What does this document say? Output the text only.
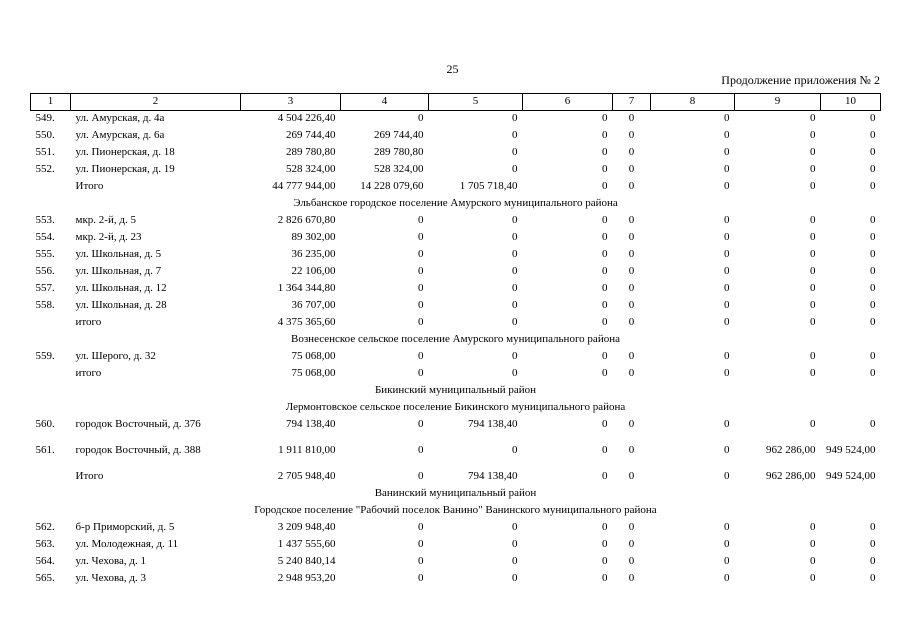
25
Продолжение приложения № 2
1	2	3	4	5	6	7	8	9	10
549.	ул. Амурская, д. 4а	4 504 226,40	0	0	0	0	0	0	0
550.	ул. Амурская, д. 6а	269 744,40	269 744,40	0	0	0	0	0	0
551.	ул. Пионерская, д. 18	289 780,80	289 780,80	0	0	0	0	0	0
552.	ул. Пионерская, д. 19	528 324,00	528 324,00	0	0	0	0	0	0
	Итого	44 777 944,00	14 228 079,60	1 705 718,40	0	0	0	0	0
Эльбанское городское поселение Амурского муниципального района									
553.	мкр. 2-й, д. 5	2 826 670,80	0	0	0	0	0	0	0
554.	мкр. 2-й, д. 23	89 302,00	0	0	0	0	0	0	0
555.	ул. Школьная, д. 5	36 235,00	0	0	0	0	0	0	0
556.	ул. Школьная, д. 7	22 106,00	0	0	0	0	0	0	0
557.	ул. Школьная, д. 12	1 364 344,80	0	0	0	0	0	0	0
558.	ул. Школьная, д. 28	36 707,00	0	0	0	0	0	0	0
	итого	4 375 365,60	0	0	0	0	0	0	0
Вознесенское сельское поселение Амурского муниципального района									
559.	ул. Шерого, д. 32	75 068,00	0	0	0	0	0	0	0
	итого	75 068,00	0	0	0	0	0	0	0
Бикинский муниципальный район									
Лермонтовское сельское поселение Бикинского муниципального района									
560.	городок Восточный, д. 376	794 138,40	0	794 138,40	0	0	0	0	0
561.	городок Восточный, д. 388	1 911 810,00	0	0	0	0	0	962 286,00	949 524,00
	Итого	2 705 948,40	0	794 138,40	0	0	0	962 286,00	949 524,00
Ванинский муниципальный район									
Городское поселение "Рабочий поселок Ванино" Ванинского муниципального района									
562.	б-р Приморский, д. 5	3 209 948,40	0	0	0	0	0	0	0
563.	ул. Молодежная, д. 11	1 437 555,60	0	0	0	0	0	0	0
564.	ул. Чехова, д. 1	5 240 840,14	0	0	0	0	0	0	0
565.	ул. Чехова, д. 3	2 948 953,20	0	0	0	0	0	0	0
